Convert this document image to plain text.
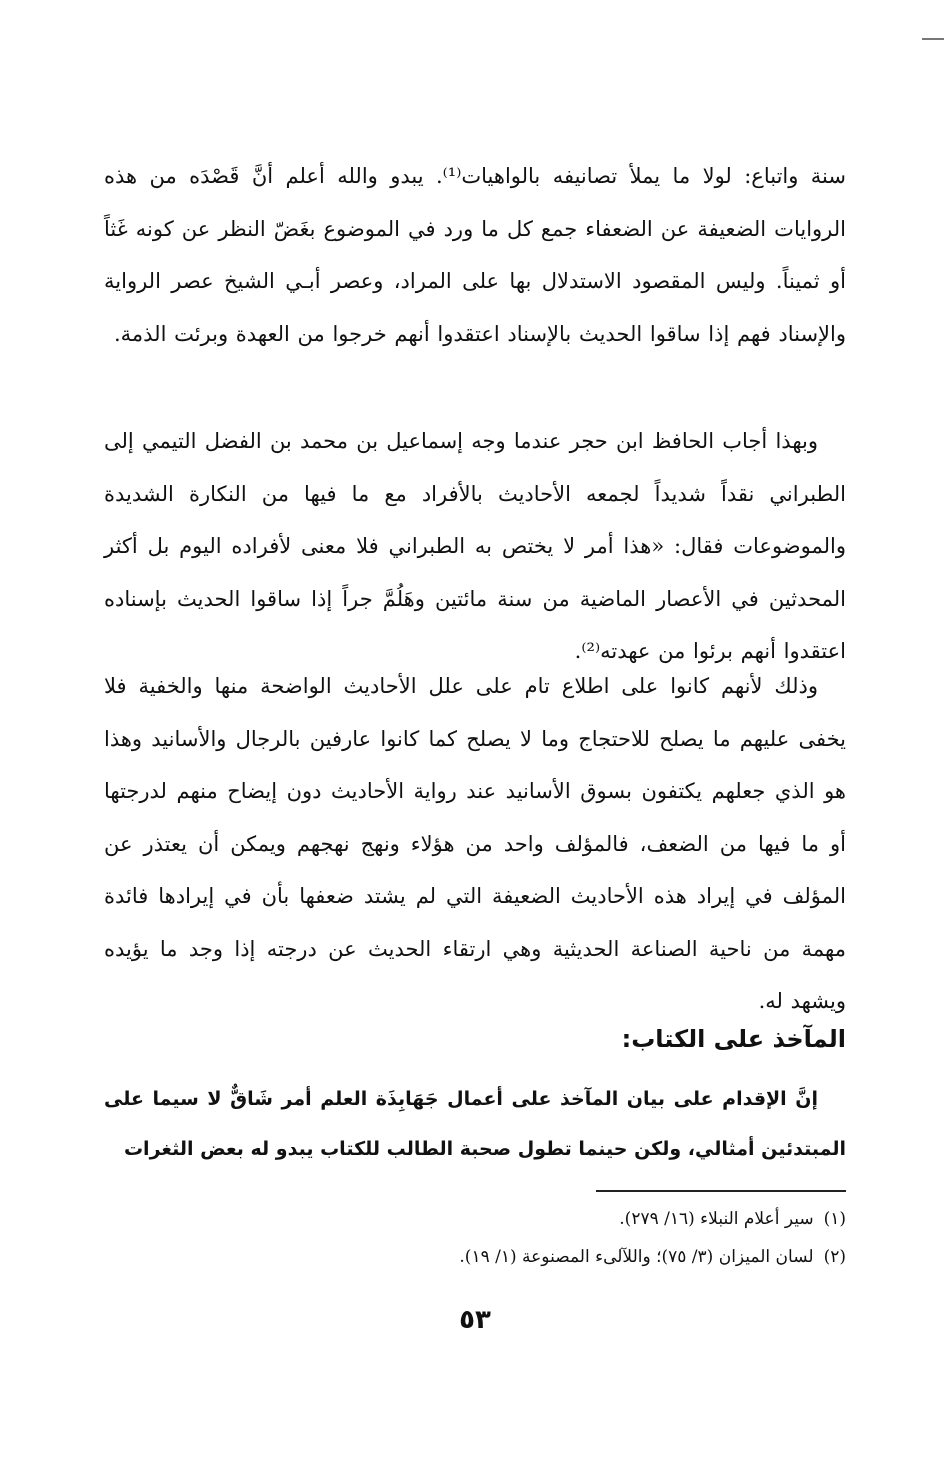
سنة واتباع: لولا ما يملأ تصانيفه بالواهيات⁽¹⁾. يبدو والله أعلم أنَّ قَصْدَه من هذه الروايات الضعيفة عن الضعفاء جمع كل ما ورد في الموضوع بغَضّ النظر عن كونه غَثاً أو ثميناً. وليس المقصود الاستدلال بها على المراد، وعصر أبـي الشيخ عصر الرواية والإسناد فهم إذا ساقوا الحديث بالإسناد اعتقدوا أنهم خرجوا من العهدة وبرئت الذمة.

وبهذا أجاب الحافظ ابن حجر عندما وجه إسماعيل بن محمد بن الفضل التيمي إلى الطبراني نقداً شديداً لجمعه الأحاديث بالأفراد مع ما فيها من النكارة الشديدة والموضوعات فقال: «هذا أمر لا يختص به الطبراني فلا معنى لأفراده اليوم بل أكثر المحدثين في الأعصار الماضية من سنة مائتين وهَلُمَّ جراً إذا ساقوا الحديث بإسناده اعتقدوا أنهم برئوا من عهدته⁽²⁾.

وذلك لأنهم كانوا على اطلاع تام على علل الأحاديث الواضحة منها والخفية فلا يخفى عليهم ما يصلح للاحتجاج وما لا يصلح كما كانوا عارفين بالرجال والأسانيد وهذا هو الذي جعلهم يكتفون بسوق الأسانيد عند رواية الأحاديث دون إيضاح منهم لدرجتها أو ما فيها من الضعف، فالمؤلف واحد من هؤلاء ونهج نهجهم ويمكن أن يعتذر عن المؤلف في إيراد هذه الأحاديث الضعيفة التي لم يشتد ضعفها بأن في إيرادها فائدة مهمة من ناحية الصناعة الحديثية وهي ارتقاء الحديث عن درجته إذا وجد ما يؤيده ويشهد له.

المآخذ على الكتاب:

إنَّ الإقدام على بيان المآخذ على أعمال جَهَابِذَة العلم أمر شَاقٌّ لا سيما على المبتدئين أمثالي، ولكن حينما تطول صحبة الطالب للكتاب يبدو له بعض الثغرات

(١)
سير أعلام النبلاء (١٦/ ٢٧٩).
(٢)
لسان الميزان (٣/ ٧٥)؛ واللآلىء المصنوعة (١/ ١٩).
٥٣
